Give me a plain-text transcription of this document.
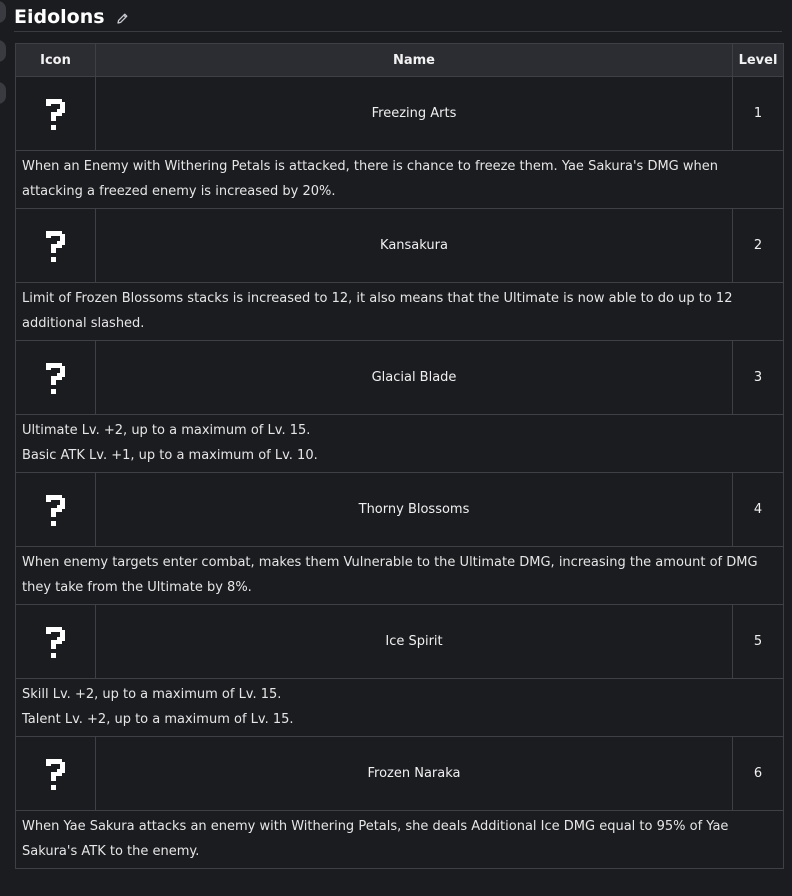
Eidolons
Icon	Name	Level
	Freezing Arts	1

When an Enemy with Withering Petals is attacked, there is chance to freeze them. Yae Sakura's DMG when attacking a freezed enemy is increased by 20%.		

	Kansakura	2

Limit of Frozen Blossoms stacks is increased to 12, it also means that the Ultimate is now able to do up to 12 additional slashed.		

	Glacial Blade	3

Ultimate Lv. +2, up to a maximum of Lv. 15.
Basic ATK Lv. +1, up to a maximum of Lv. 10.		

	Thorny Blossoms	4

When enemy targets enter combat, makes them Vulnerable to the Ultimate DMG, increasing the amount of DMG they take from the Ultimate by 8%.		

	Ice Spirit	5

Skill Lv. +2, up to a maximum of Lv. 15.
Talent Lv. +2, up to a maximum of Lv. 15.		

	Frozen Naraka	6

When Yae Sakura attacks an enemy with Withering Petals, she deals Additional Ice DMG equal to 95% of Yae Sakura's ATK to the enemy.		
